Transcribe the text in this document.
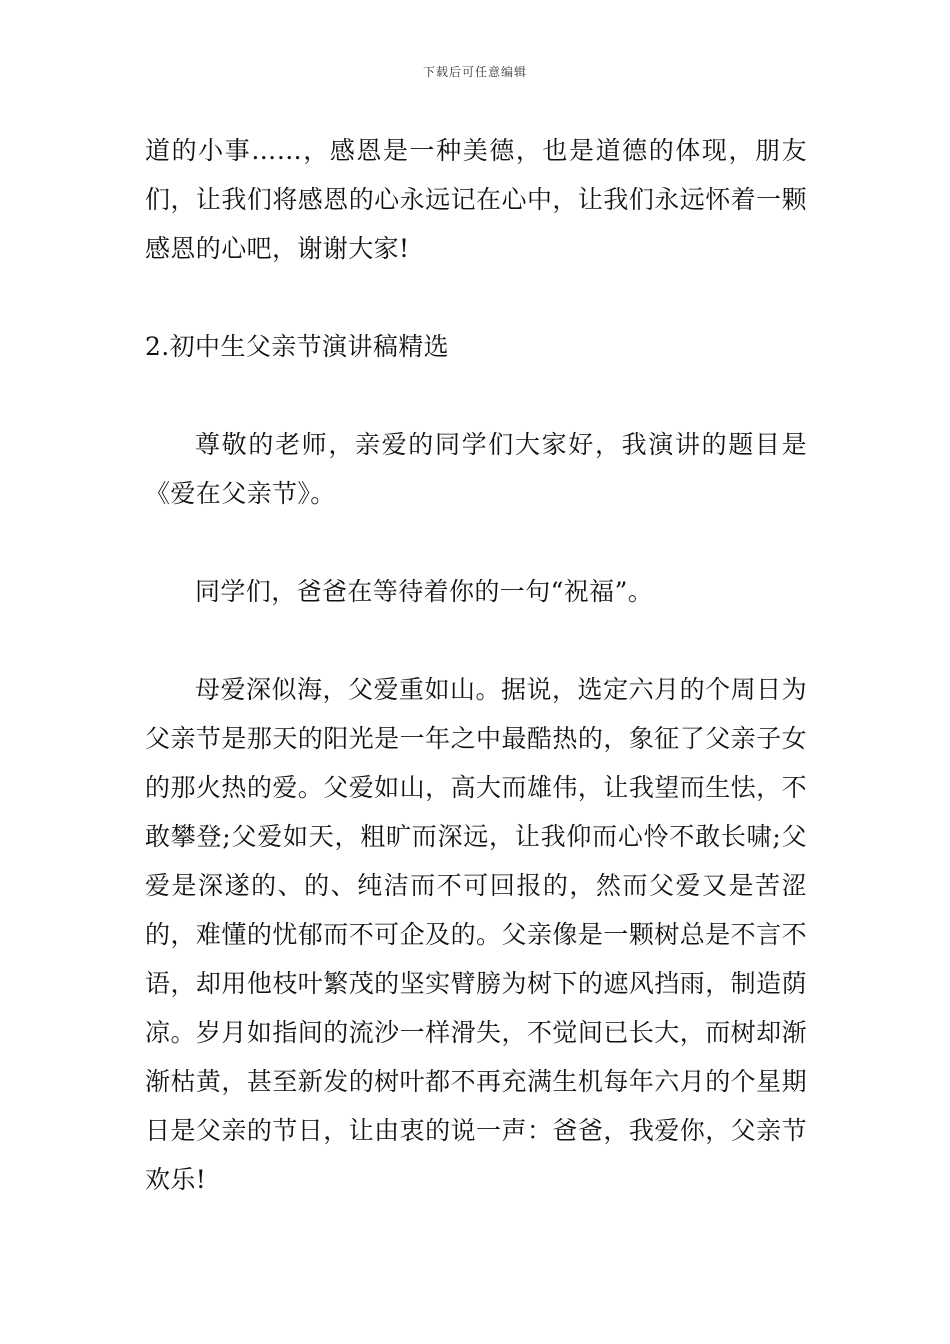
下载后可任意编辑

道的小事……，感恩是一种美德，也是道德的体现，朋友们，让我们将感恩的心永远记在心中，让我们永远怀着一颗感恩的心吧，谢谢大家!

2.初中生父亲节演讲稿精选

尊敬的老师，亲爱的同学们大家好，我演讲的题目是《爱在父亲节》。

同学们，爸爸在等待着你的一句“祝福”。

母爱深似海，父爱重如山。据说，选定六月的个周日为父亲节是那天的阳光是一年之中最酷热的，象征了父亲子女的那火热的爱。父爱如山，高大而雄伟，让我望而生怯，不敢攀登;父爱如天，粗旷而深远，让我仰而心怜不敢长啸;父爱是深遂的、的、纯洁而不可回报的，然而父爱又是苦涩的，难懂的忧郁而不可企及的。父亲像是一颗树总是不言不语，却用他枝叶繁茂的坚实臂膀为树下的遮风挡雨，制造荫凉。岁月如指间的流沙一样滑失，不觉间已长大，而树却渐渐枯黄，甚至新发的树叶都不再充满生机每年六月的个星期日是父亲的节日，让由衷的说一声：爸爸，我爱你，父亲节欢乐!
